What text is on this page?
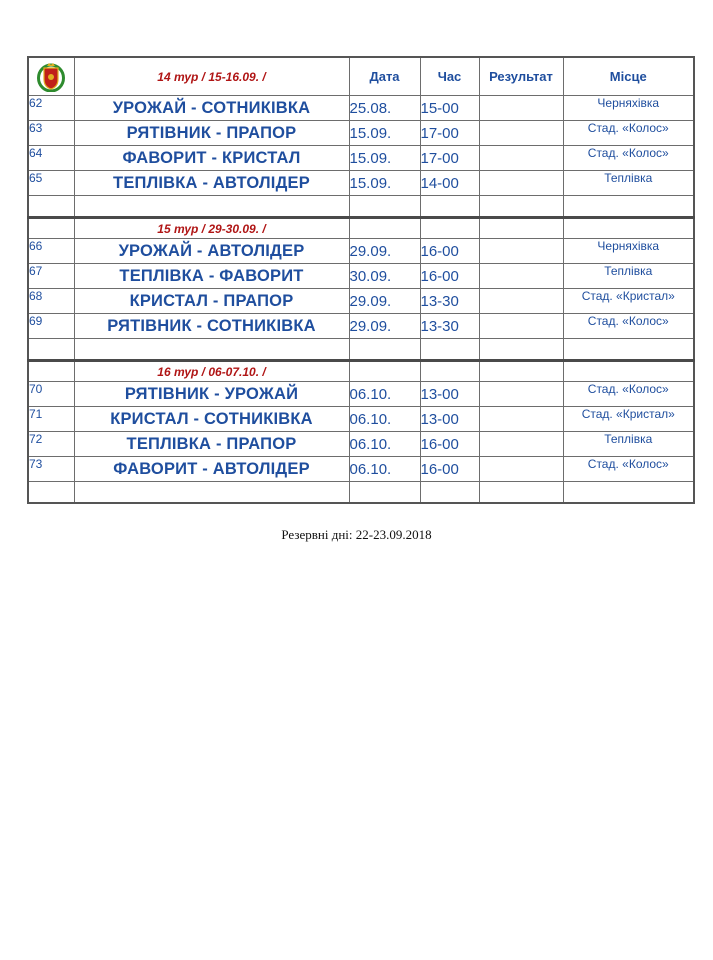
	14 тур / 15-16.09. /	Дата	Час	Результат	Місце
62	УРОЖАЙ - СОТНИКІВКА	25.08.	15-00		Черняхівка
63	РЯТІВНИК - ПРАПОР	15.09.	17-00		Стад. «Колос»
64	ФАВОРИТ - КРИСТАЛ	15.09.	17-00		Стад. «Колос»
65	ТЕПЛІВКА - АВТОЛІДЕР	15.09.	14-00		Теплівка

	15 тур / 29-30.09. /				
66	УРОЖАЙ - АВТОЛІДЕР	29.09.	16-00		Черняхівка
67	ТЕПЛІВКА - ФАВОРИТ	30.09.	16-00		Теплівка
68	КРИСТАЛ - ПРАПОР	29.09.	13-30		Стад. «Кристал»
69	РЯТІВНИК - СОТНИКІВКА	29.09.	13-30		Стад. «Колос»

	16 тур / 06-07.10. /				
70	РЯТІВНИК - УРОЖАЙ	06.10.	13-00		Стад. «Колос»
71	КРИСТАЛ - СОТНИКІВКА	06.10.	13-00		Стад. «Кристал»
72	ТЕПЛІВКА - ПРАПОР	06.10.	16-00		Теплівка
73	ФАВОРИТ - АВТОЛІДЕР	06.10.	16-00		Стад. «Колос»

Резервні дні: 22-23.09.2018
